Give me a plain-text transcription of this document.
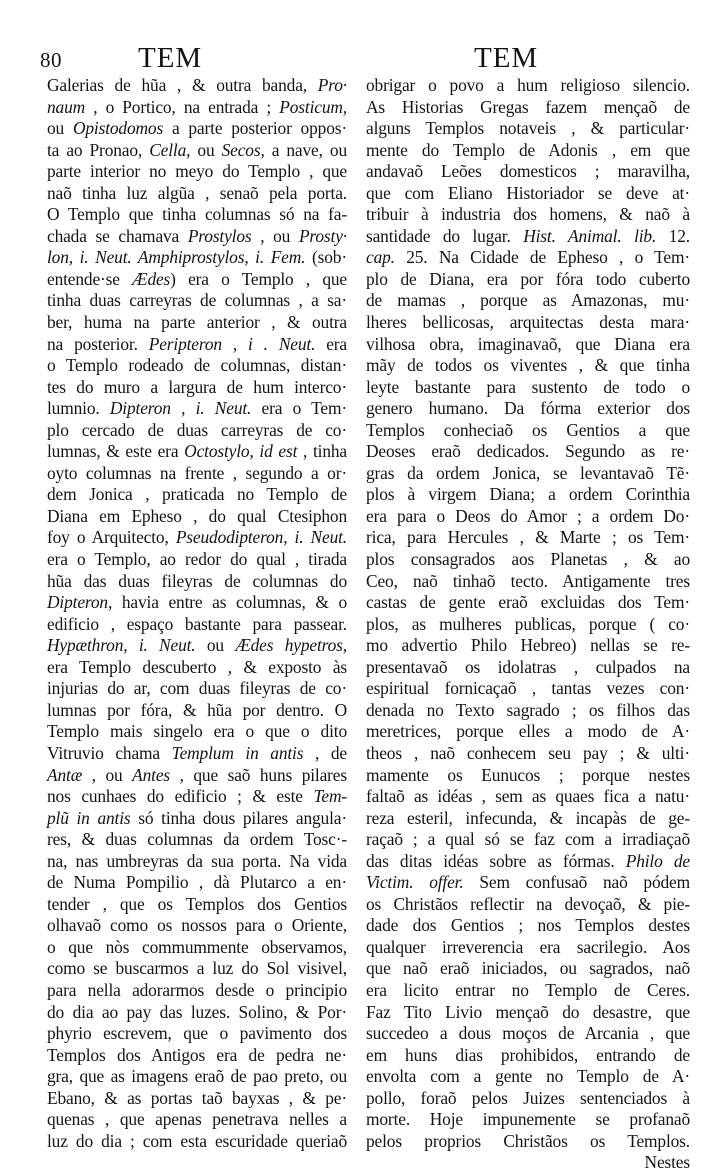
80	TEM	TEM
Galerias de hũa , & outra banda, Pro·
naum , o Portico, na entrada ; Posticum,
ou Opistodomos a parte posterior oppos·
ta ao Pronao, Cella, ou Secos, a nave, ou
parte interior no meyo do Templo , que
naõ tinha luz algũa , senaõ pela porta.
O Templo que tinha columnas só na fa-
chada se chamava Prostylos , ou Prosty·
lon, i. Neut. Amphiprostylos, i. Fem. (sob·
entende·se Ædes) era o Templo , que
tinha duas carreyras de columnas , a sa·
ber, huma na parte anterior , & outra
na posterior. Peripteron , i . Neut. era
o Templo rodeado de columnas, distan·
tes do muro a largura de hum interco·
lumnio. Dipteron , i. Neut. era o Tem·
plo cercado de duas carreyras de co·
lumnas, & este era Octostylo, id est , tinha
oyto columnas na frente , segundo a or·
dem Jonica , praticada no Templo de
Diana em Epheso , do qual Ctesiphon
foy o Arquitecto, Pseudodipteron, i. Neut.
era o Templo, ao redor do qual , tirada
hũa das duas fileyras de columnas do
Dipteron, havia entre as columnas, & o
edificio , espaço bastante para passear.
Hypæthron, i. Neut. ou Ædes hypetros,
era Templo descuberto , & exposto às
injurias do ar, com duas fileyras de co·
lumnas por fóra, & hũa por dentro. O
Templo mais singelo era o que o dito
Vitruvio chama Templum in antis , de
Antæ , ou Antes , que saõ huns pilares
nos cunhaes do edificio ; & este Tem-
plũ in antis só tinha dous pilares angula·
res, & duas columnas da ordem Tosc·-
na, nas umbreyras da sua porta. Na vida
de Numa Pompilio , dà Plutarco a en·
tender , que os Templos dos Gentios
olhavaõ como os nossos para o Oriente,
o que nòs commummente observamos,
como se buscarmos a luz do Sol visivel,
para nella adorarmos desde o principio
do dia ao pay das luzes. Solino, & Por·
phyrio escrevem, que o pavimento dos
Templos dos Antigos era de pedra ne·
gra, que as imagens eraõ de pao preto, ou
Ebano, & as portas taõ bayxas , & pe·
quenas , que apenas penetrava nelles a
luz do dia ; com esta escuridade queriaõ
obrigar o povo a hum religioso silencio.
As Historias Gregas fazem mençaõ de
alguns Templos notaveis , & particular·
mente do Templo de Adonis , em que
andavaõ Leões domesticos ; maravilha,
que com Eliano Historiador se deve at·
tribuir à industria dos homens, & naõ à
santidade do lugar. Hist. Animal. lib. 12.
cap. 25. Na Cidade de Epheso , o Tem·
plo de Diana, era por fóra todo cuberto
de mamas , porque as Amazonas, mu·
lheres bellicosas, arquitectas desta mara·
vilhosa obra, imaginavaõ, que Diana era
mãy de todos os viventes , & que tinha
leyte bastante para sustento de todo o
genero humano. Da fórma exterior dos
Templos conheciaõ os Gentios a que
Deoses eraõ dedicados. Segundo as re·
gras da ordem Jonica, se levantavaõ Tẽ·
plos à virgem Diana; a ordem Corinthia
era para o Deos do Amor ; a ordem Do·
rica, para Hercules , & Marte ; os Tem·
plos consagrados aos Planetas , & ao
Ceo, naõ tinhaõ tecto. Antigamente tres
castas de gente eraõ excluidas dos Tem·
plos, as mulheres publicas, porque ( co·
mo advertio Philo Hebreo) nellas se re-
presentavaõ os idolatras , culpados na
espiritual fornicaçaõ , tantas vezes con·
denada no Texto sagrado ; os filhos das
meretrices, porque elles a modo de A·
theos , naõ conhecem seu pay ; & ulti·
mamente os Eunucos ; porque nestes
faltaõ as idéas , sem as quaes fica a natu·
reza esteril, infecunda, & incapàs de ge-
raçaõ ; a qual só se faz com a irradiaçaõ
das ditas idéas sobre as fórmas. Philo de
Victim. offer. Sem confusaõ naõ pódem
os Christãos reflectir na devoçaõ, & pie-
dade dos Gentios ; nos Templos destes
qualquer irreverencia era sacrilegio. Aos
que naõ eraõ iniciados, ou sagrados, naõ
era licito entrar no Templo de Ceres.
Faz Tito Livio mençaõ do desastre, que
succedeo a dous moços de Arcania , que
em huns dias prohibidos, entrando de
envolta com a gente no Templo de A·
pollo, foraõ pelos Juizes sentenciados à
morte. Hoje impunemente se profanaõ
pelos proprios Christãos os Templos.
Nestes
